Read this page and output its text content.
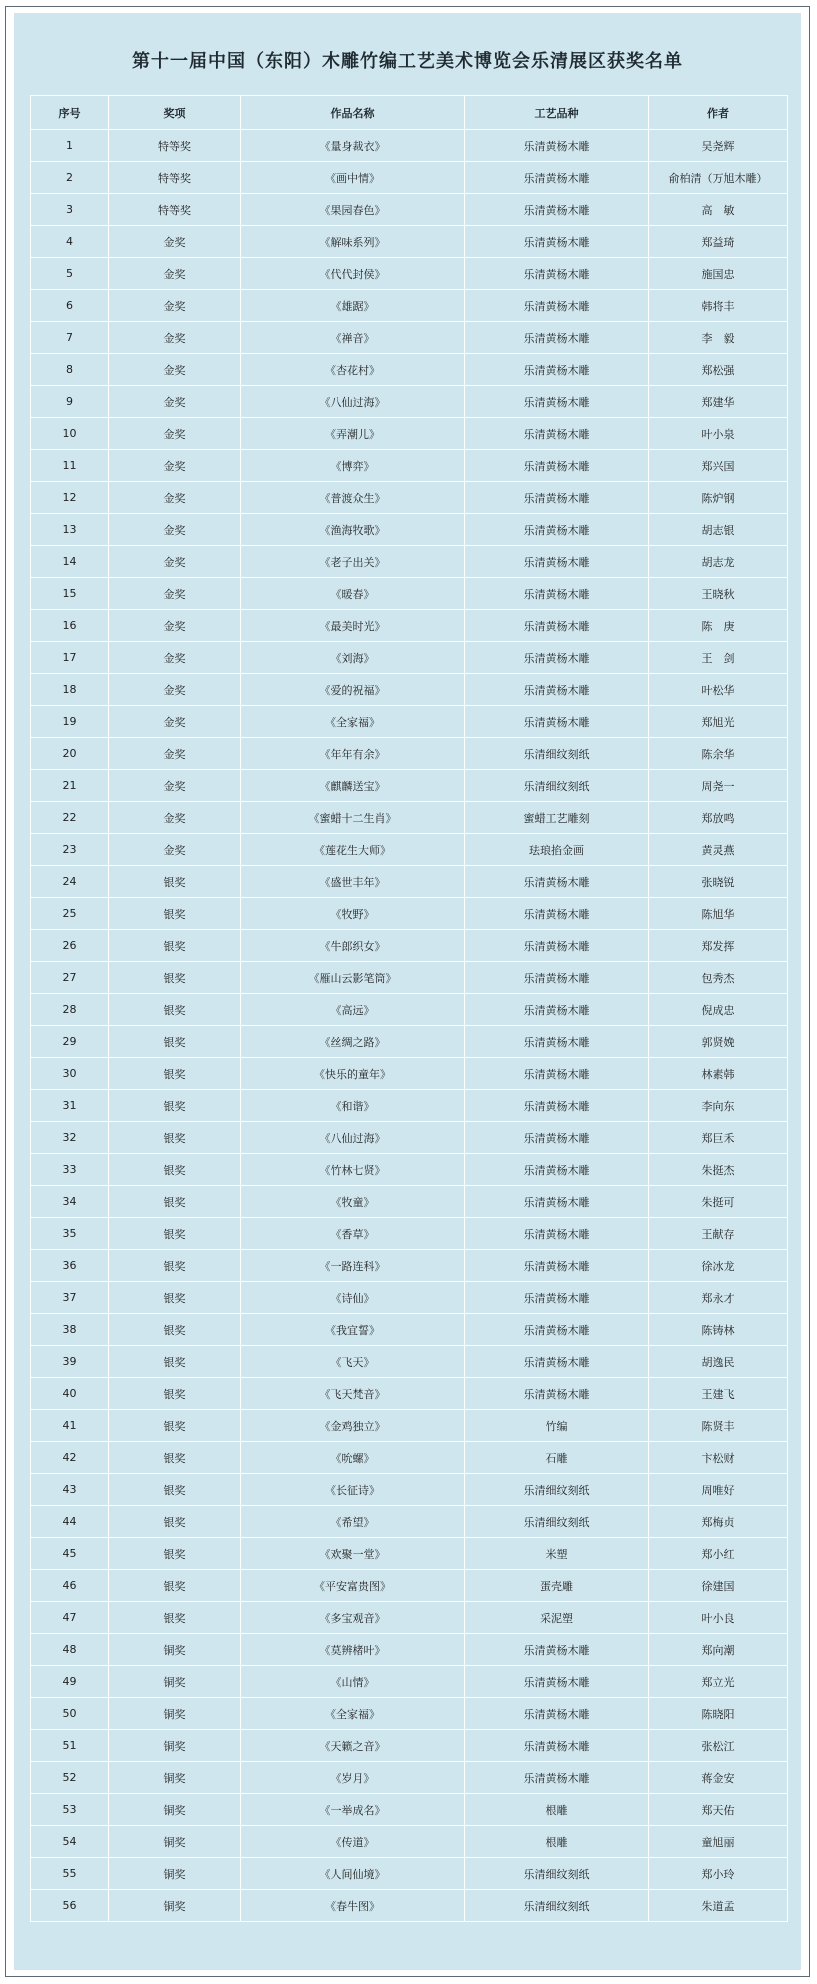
第十一届中国（东阳）木雕竹编工艺美术博览会乐清展区获奖名单
序号	奖项	作品名称	工艺品种	作者
1	特等奖	《量身裁衣》	乐清黄杨木雕	吴尧辉
2	特等奖	《画中情》	乐清黄杨木雕	俞柏清（万旭木雕）
3	特等奖	《果园春色》	乐清黄杨木雕	高　敏
4	金奖	《解味系列》	乐清黄杨木雕	郑益琦
5	金奖	《代代封侯》	乐清黄杨木雕	施国忠
6	金奖	《雄踞》	乐清黄杨木雕	韩将丰
7	金奖	《禅音》	乐清黄杨木雕	李　毅
8	金奖	《杏花村》	乐清黄杨木雕	郑松强
9	金奖	《八仙过海》	乐清黄杨木雕	郑建华
10	金奖	《弄潮儿》	乐清黄杨木雕	叶小泉
11	金奖	《博弈》	乐清黄杨木雕	郑兴国
12	金奖	《普渡众生》	乐清黄杨木雕	陈炉钢
13	金奖	《渔海牧歌》	乐清黄杨木雕	胡志银
14	金奖	《老子出关》	乐清黄杨木雕	胡志龙
15	金奖	《暖春》	乐清黄杨木雕	王晓秋
16	金奖	《最美时光》	乐清黄杨木雕	陈　庚
17	金奖	《刘海》	乐清黄杨木雕	王　剑
18	金奖	《爱的祝福》	乐清黄杨木雕	叶松华
19	金奖	《全家福》	乐清黄杨木雕	郑旭光
20	金奖	《年年有余》	乐清细纹刻纸	陈余华
21	金奖	《麒麟送宝》	乐清细纹刻纸	周尧一
22	金奖	《蜜蜡十二生肖》	蜜蜡工艺雕刻	郑放鸣
23	金奖	《莲花生大师》	珐琅掐金画	黄灵燕
24	银奖	《盛世丰年》	乐清黄杨木雕	张晓锐
25	银奖	《牧野》	乐清黄杨木雕	陈旭华
26	银奖	《牛郎织女》	乐清黄杨木雕	郑发挥
27	银奖	《雁山云影笔筒》	乐清黄杨木雕	包秀杰
28	银奖	《高远》	乐清黄杨木雕	倪成忠
29	银奖	《丝绸之路》	乐清黄杨木雕	郭贤娩
30	银奖	《快乐的童年》	乐清黄杨木雕	林素韩
31	银奖	《和谐》	乐清黄杨木雕	李向东
32	银奖	《八仙过海》	乐清黄杨木雕	郑巨禾
33	银奖	《竹林七贤》	乐清黄杨木雕	朱挺杰
34	银奖	《牧童》	乐清黄杨木雕	朱挺可
35	银奖	《香草》	乐清黄杨木雕	王献存
36	银奖	《一路连科》	乐清黄杨木雕	徐冰龙
37	银奖	《诗仙》	乐清黄杨木雕	郑永才
38	银奖	《我宜誓》	乐清黄杨木雕	陈铸林
39	银奖	《飞天》	乐清黄杨木雕	胡逸民
40	银奖	《飞天梵音》	乐清黄杨木雕	王建飞
41	银奖	《金鸡独立》	竹编	陈贤丰
42	银奖	《吮螺》	石雕	卞松财
43	银奖	《长征诗》	乐清细纹刻纸	周唯好
44	银奖	《希望》	乐清细纹刻纸	郑梅贞
45	银奖	《欢聚一堂》	米塑	郑小红
46	银奖	《平安富贵图》	蛋壳雕	徐建国
47	银奖	《多宝观音》	采泥塑	叶小良
48	铜奖	《莫辨楮叶》	乐清黄杨木雕	郑向潮
49	铜奖	《山情》	乐清黄杨木雕	郑立光
50	铜奖	《全家福》	乐清黄杨木雕	陈晓阳
51	铜奖	《天籁之音》	乐清黄杨木雕	张松江
52	铜奖	《岁月》	乐清黄杨木雕	蒋金安
53	铜奖	《一举成名》	根雕	郑天佑
54	铜奖	《传道》	根雕	童旭丽
55	铜奖	《人间仙境》	乐清细纹刻纸	郑小玲
56	铜奖	《春牛图》	乐清细纹刻纸	朱道孟
